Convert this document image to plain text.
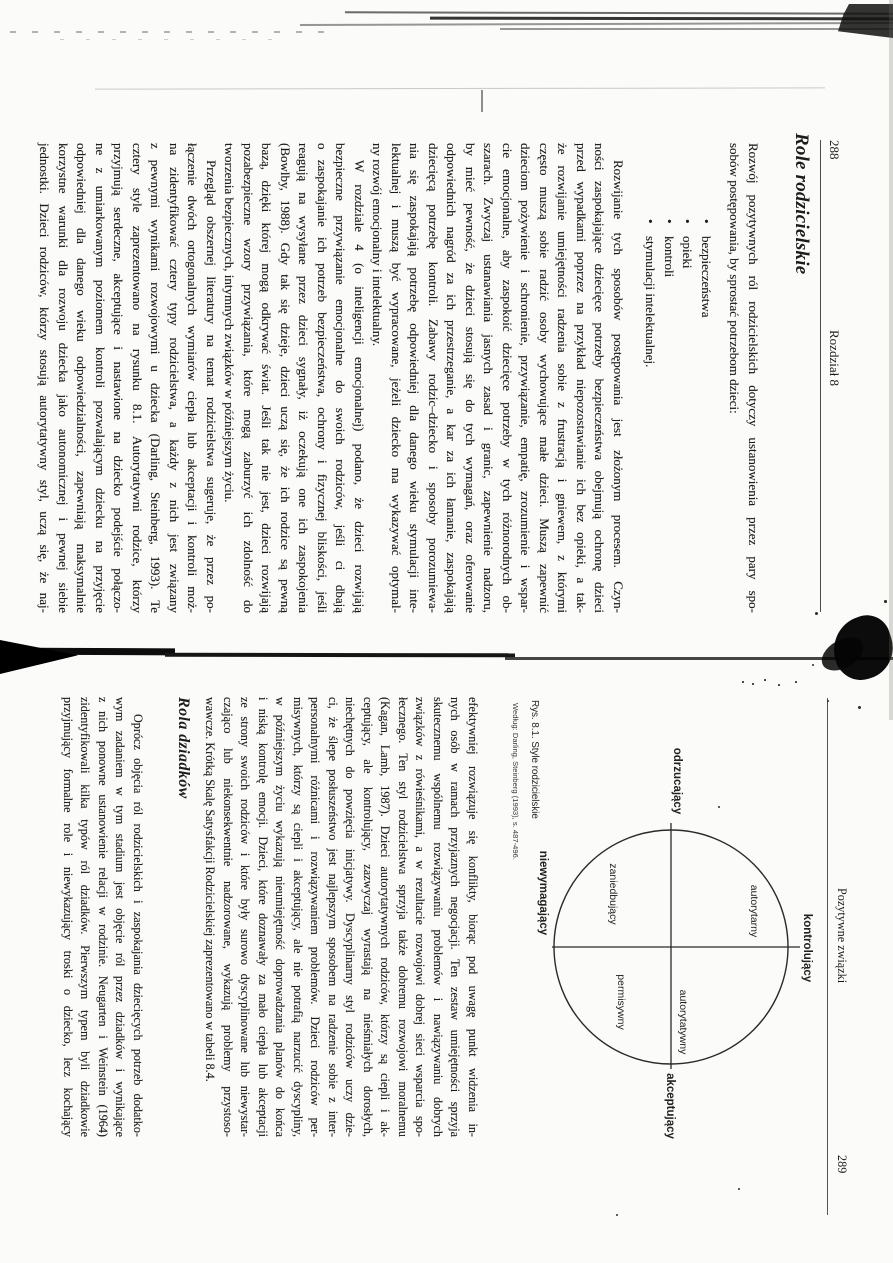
288
Rozdział 8
Role rodzicielskie
Rozwój pozytywnych ról rodzicielskich dotyczy ustanowienia przez pary spo-
sobów postępowania, by sprostać potrzebom dzieci:
•bezpieczeństwa
•opieki
•kontroli
•stymulacji intelektualnej.
Rozwijanie tych sposobów postępowania jest złożonym procesem. Czyn-
ności zaspokajające dziecięce potrzeby bezpieczeństwa obejmują ochronę dzieci
przed wypadkami poprzez na przykład niepozostawianie ich bez opieki, a tak-
że rozwijanie umiejętności radzenia sobie z frustracją i gniewem, z którymi
często muszą sobie radzić osoby wychowujące małe dzieci. Muszą zapewnić
dzieciom pożywienie i schronienie, przywiązanie, empatię, zrozumienie i wspar-
cie emocjonalne, aby zaspokoić dziecięce potrzeby w tych różnorodnych ob-
szarach. Zwyczaj ustanawiania jasnych zasad i granic, zapewnienie nadzoru,
by mieć pewność, że dzieci stosują się do tych wymagań, oraz oferowanie
odpowiednich nagród za ich przestrzeganie, a kar za ich łamanie, zaspokajają
dziecięcą potrzebę kontroli. Zabawy rodzic–dziecko i sposoby porozumiewa-
nia się zaspokajają potrzebę odpowiedniej dla danego wieku stymulacji inte-
lektualnej i muszą być wypracowane, jeżeli dziecko ma wykazywać optymal-
ny rozwój emocjonalny i intelektualny.
W rozdziale 4 (o inteligencji emocjonalnej) podano, że dzieci rozwijają
bezpieczne przywiązanie emocjonalne do swoich rodziców, jeśli ci dbają
o zaspokajanie ich potrzeb bezpieczeństwa, ochrony i fizycznej bliskości, jeśli
reagują na wysyłane przez dzieci sygnały, iż oczekują one ich zaspokojenia
(Bowlby, 1988). Gdy tak się dzieje, dzieci uczą się, że ich rodzice są pewną
bazą, dzięki której mogą odkrywać świat. Jeśli tak nie jest, dzieci rozwijają
pozabezpieczne wzory przywiązania, które mogą zaburzyć ich zdolność do
tworzenia bezpiecznych, intymnych związków w późniejszym życiu.
Przegląd obszernej literatury na temat rodzicielstwa sugeruje, że przez po-
łączenie dwóch ortogonalnych wymiarów ciepła lub akceptacji i kontroli moż-
na zidentyfikować cztery typy rodzicielstwa, a każdy z nich jest związany
z pewnymi wynikami rozwojowymi u dziecka (Darling, Steinberg, 1993). Te
cztery style zaprezentowano na rysunku 8.1. Autorytatywni rodzice, którzy
przyjmują serdeczne, akceptujące i nastawione na dziecko podejście połączo-
ne z umiarkowanym poziomem kontroli pozwalającym dziecku na przyjęcie
odpowiedniej dla danego wieku odpowiedzialności, zapewniają maksymalnie
korzystne warunki dla rozwoju dziecka jako autonomicznej i pewnej siebie
jednostki. Dzieci rodziców, którzy stosują autorytatywny styl, uczą się, że naj-
Pozytywne związki
289
kontrolujący
niewymagający
odrzucający
akceptujący
autorytarny
autorytatywny
zaniedbujący
permisywny
Rys. 8.1. Style rodzicielskie
Według: Darling, Steinberg (1993), s. 487-496.
efektywniej rozwiązuje się konflikty, biorąc pod uwagę punkt widzenia in-
nych osób w ramach przyjaznych negocjacji. Ten zestaw umiejętności sprzyja
skutecznemu wspólnemu rozwiązywaniu problemów i nawiązywaniu dobrych
związków z rówieśnikami, a w rezultacie rozwojowi dobrej sieci wsparcia spo-
łecznego. Ten styl rodzicielstwa sprzyja także dobremu rozwojowi moralnemu
(Kagan, Lamb, 1987). Dzieci autorytatywnych rodziców, którzy są ciepli i ak-
ceptujący, ale kontrolujący, zazwyczaj wyrastają na nieśmiałych dorosłych,
niechętnych do powzięcia inicjatywy. Dyscyplinarny styl rodziców uczy dzie-
ci, że ślepe posłuszeństwo jest najlepszym sposobem na radzenie sobie z inter-
personalnymi różnicami i rozwiązywaniem problemów. Dzieci rodziców per-
misywnych, którzy są ciepli i akceptujący, ale nie potrafią narzucić dyscypliny,
w późniejszym życiu wykazują nieumiejętność doprowadzania planów do końca
i niską kontrolę emocji. Dzieci, które doznawały za mało ciepła lub akceptacji
ze strony swoich rodziców i które były surowo dyscyplinowane lub niewystar-
czająco lub niekonsekwentnie nadzorowane, wykazują problemy przystoso-
wawcze. Krótką Skalę Satysfakcji Rodzicielskiej zaprezentowano w tabeli 8.4.
Rola dziadków
Oprócz objęcia ról rodzicielskich i zaspokajania dziecięcych potrzeb dodatko-
wym zadaniem w tym stadium jest objęcie ról przez dziadków i wynikające
z nich ponowne ustanowienie relacji w rodzinie. Neugarten i Weinstein (1964)
zidentyfikowali kilka typów ról dziadków. Pierwszym typem byli dziadkowie
przyjmujący formalne role i niewykazujący troski o dziecko, lecz kochający
